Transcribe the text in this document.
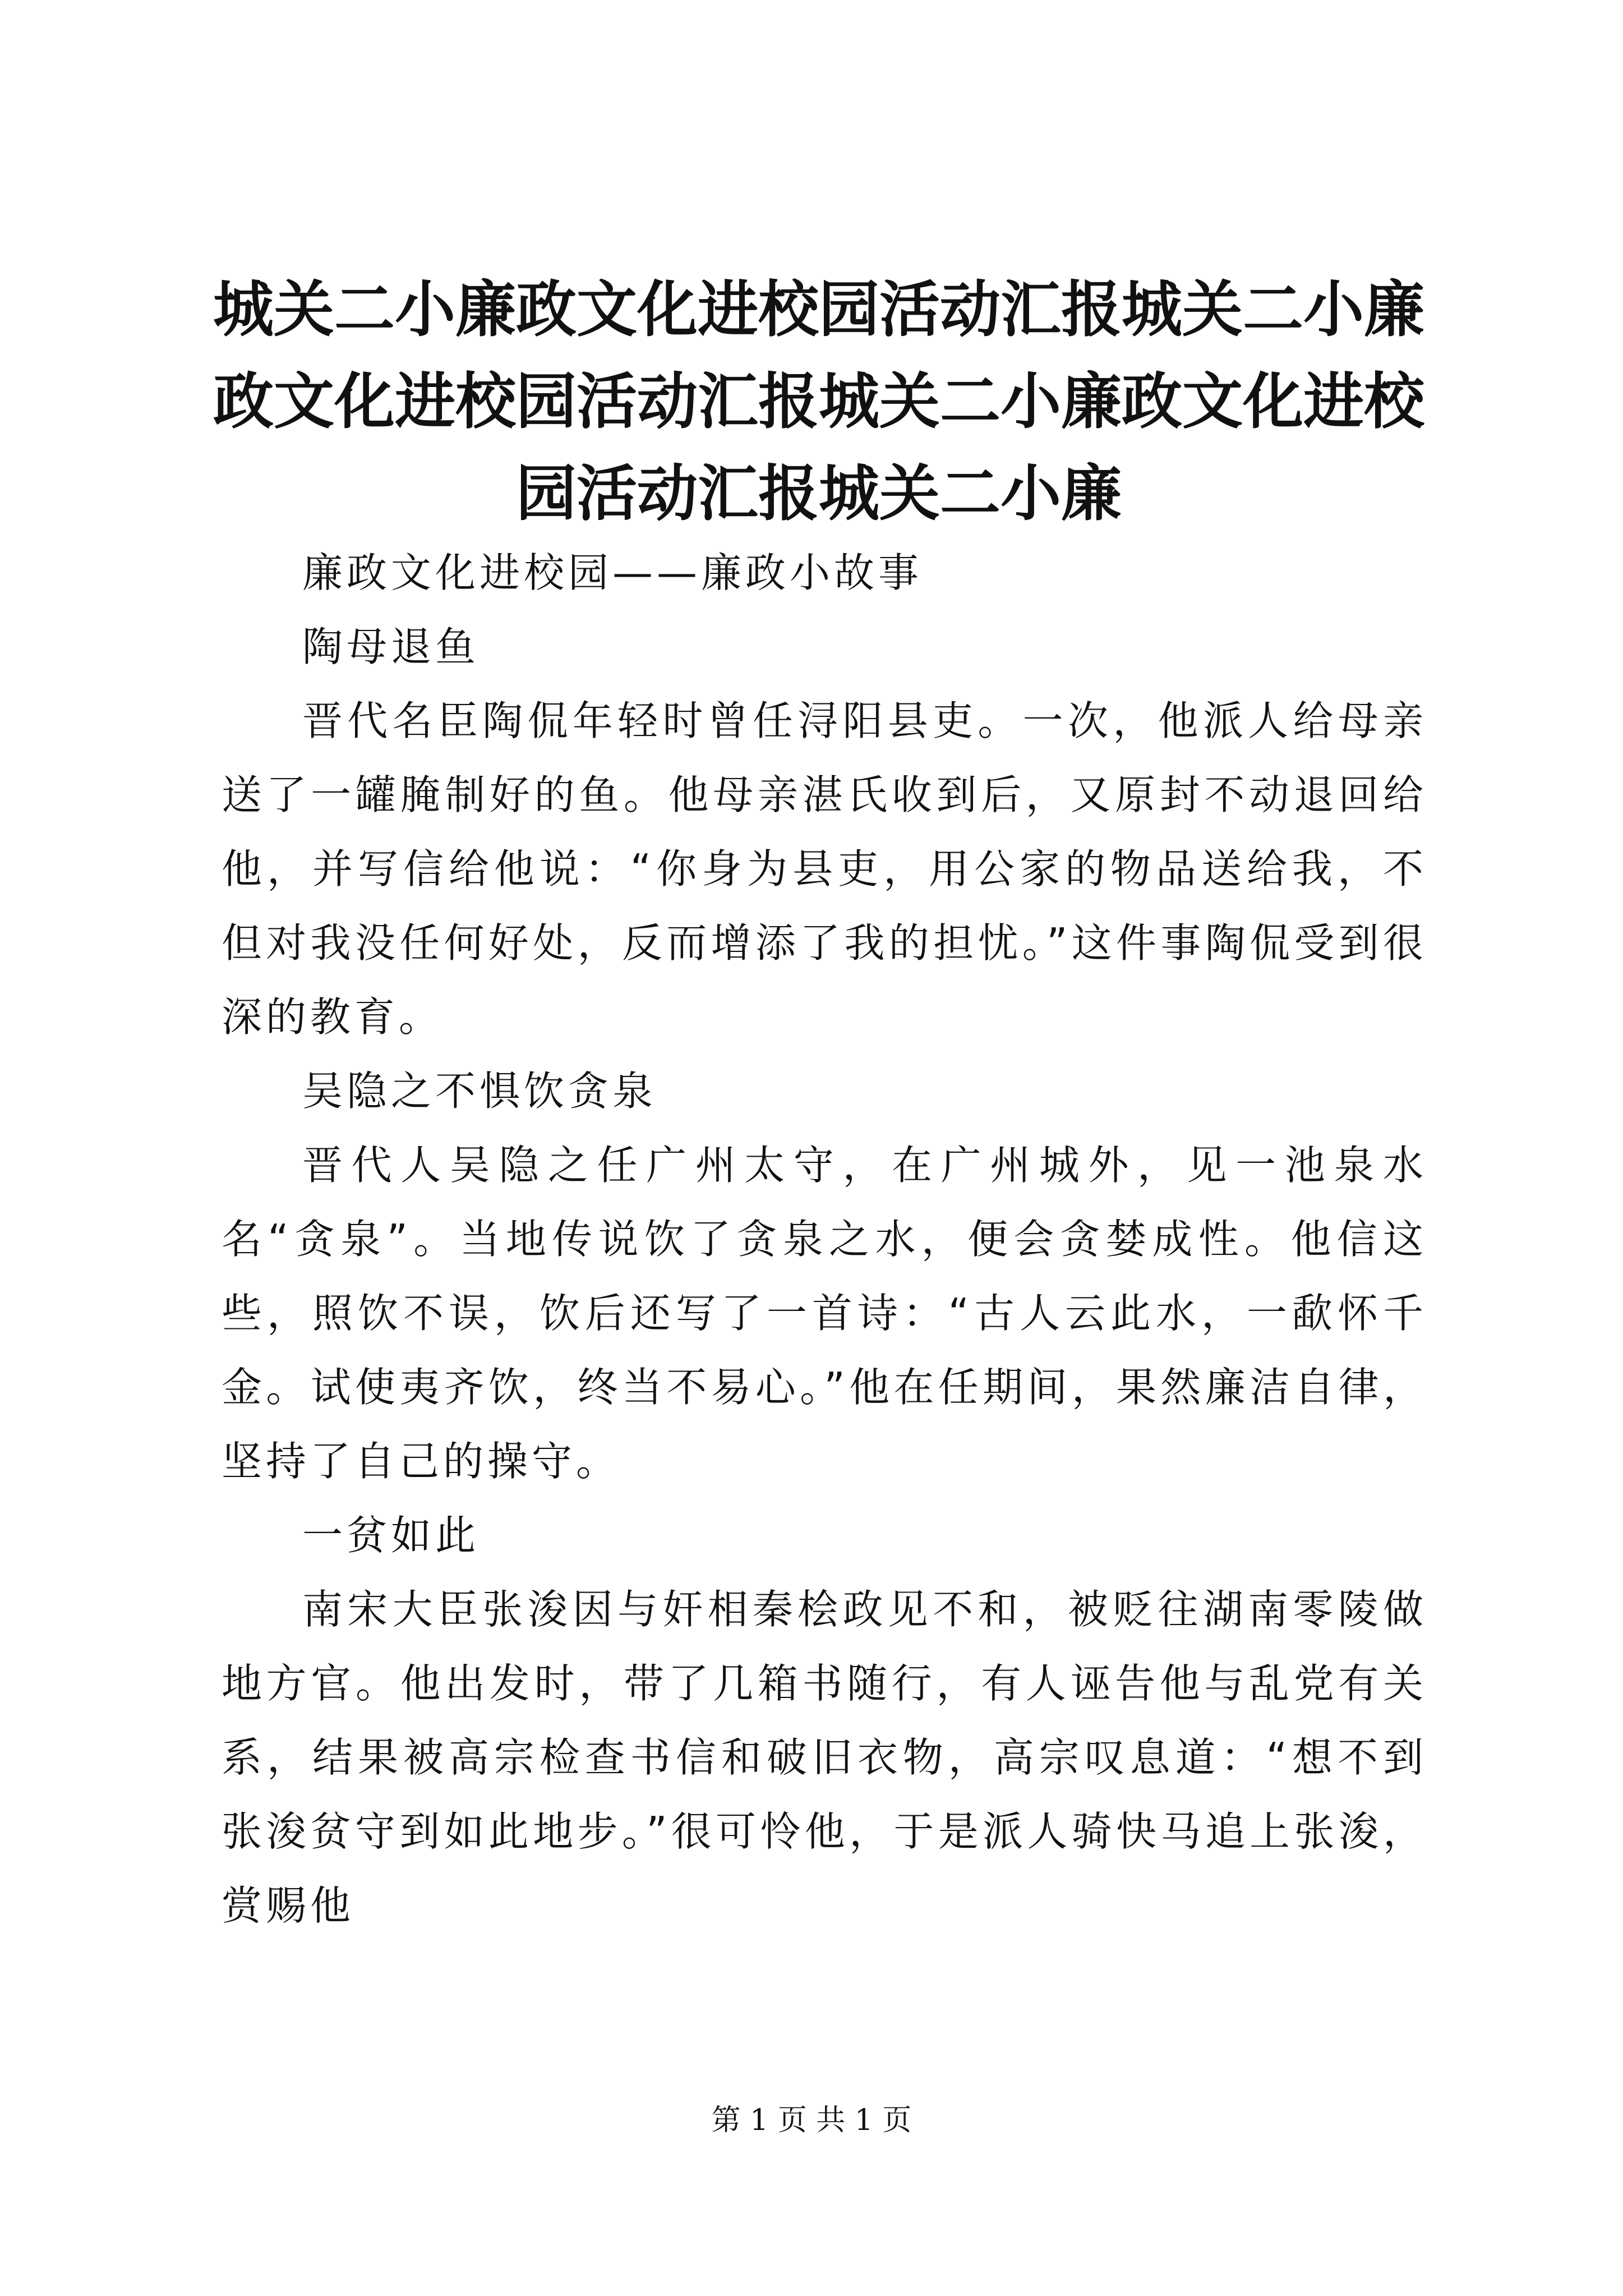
城关二小廉政文化进校园活动汇报城关二小廉政文化进校园活动汇报城关二小廉政文化进校园活动汇报城关二小廉

廉政文化进校园——廉政小故事

陶母退鱼

晋代名臣陶侃年轻时曾任浔阳县吏。一次，他派人给母亲送了一罐腌制好的鱼。他母亲湛氏收到后，又原封不动退回给他，并写信给他说：“你身为县吏，用公家的物品送给我，不但对我没任何好处，反而增添了我的担忧。”这件事陶侃受到很深的教育。

吴隐之不惧饮贪泉

晋代人吴隐之任广州太守，在广州城外，见一池泉水名“贪泉”。当地传说饮了贪泉之水，便会贪婪成性。他信这些，照饮不误，饮后还写了一首诗：“古人云此水，一歃怀千金。试使夷齐饮，终当不易心。”他在任期间，果然廉洁自律，坚持了自己的操守。

一贫如此

南宋大臣张浚因与奸相秦桧政见不和，被贬往湖南零陵做地方官。他出发时，带了几箱书随行，有人诬告他与乱党有关系，结果被高宗检查书信和破旧衣物，高宗叹息道：“想不到张浚贫守到如此地步。”很可怜他，于是派人骑快马追上张浚，赏赐他

第 1 页 共 1 页
